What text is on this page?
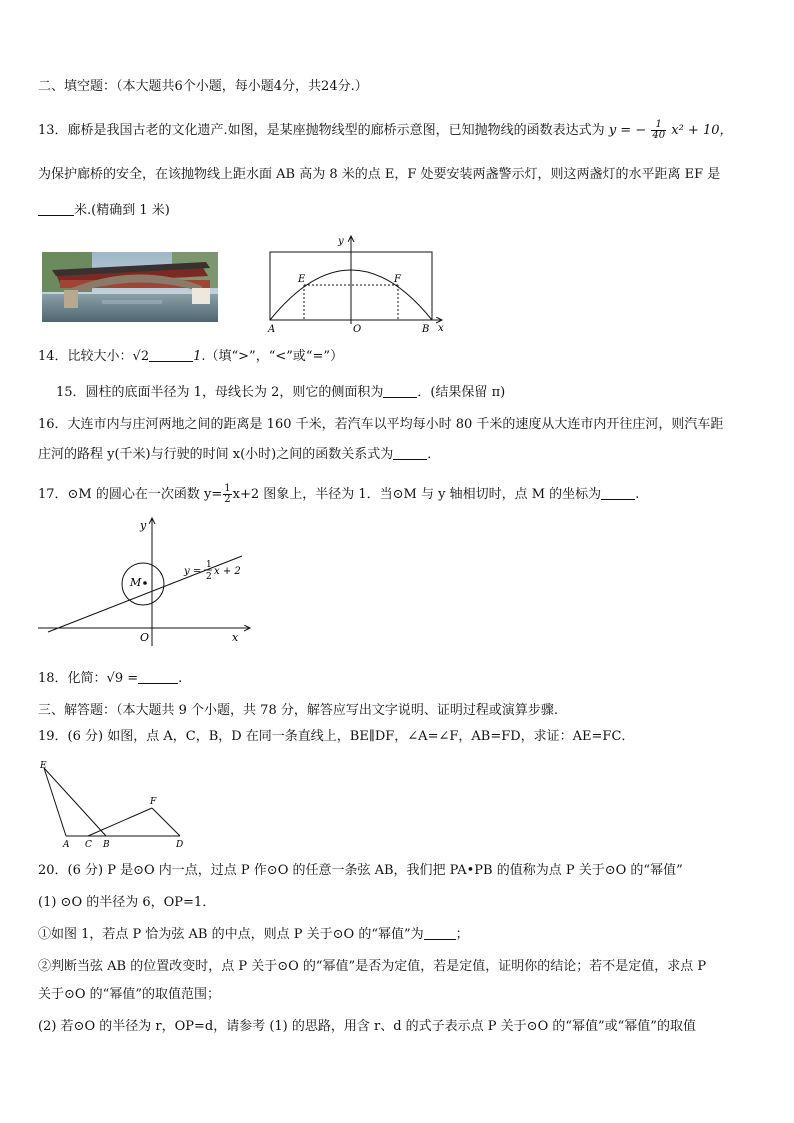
二、填空题：（本大题共6个小题，每小题4分，共24分.）
13．廊桥是我国古老的文化遗产.如图，是某座抛物线型的廊桥示意图，已知抛物线的函数表达式为 y = − $\frac{1}{40} x^2 + 10$，
为保护廊桥的安全，在该抛物线上距水面 AB 高为 8 米的点 E，F 处要安装两盏警示灯，则这两盏灯的水平距离 EF 是
米.(精确到 1 米)
y
x
A	O	B
E	F
14．比较大小：√2	1.（填“>”，“<”或“=”）
15．圆柱的底面半径为 1，母线长为 2，则它的侧面积为	．(结果保留 π)
16．大连市内与庄河两地之间的距离是 160 千米，若汽车以平均每小时 80 千米的速度从大连市内开往庄河，则汽车距
庄河的路程 y(千米)与行驶的时间 x(小时)之间的函数关系式为	．
17．⊙M 的圆心在一次函数 $y= \frac{1}{2} x+2$ 图象上，半径为 1．当⊙M 与 y 轴相切时，点 M 的坐标为	.
M
y
x
O
y =
1
2 x + 2
18．化简：√9 =	.
三、解答题：（本大题共 9 个小题，共 78 分，解答应写出文字说明、证明过程或演算步骤.
19．(6 分) 如图，点 A，C，B，D 在同一条直线上，BE∥DF，∠A=∠F，AB=FD，求证：AE=FC．
E
F
A C B	D
20．(6 分) P 是⊙O 内一点，过点 P 作⊙O 的任意一条弦 AB，我们把 PA•PB 的值称为点 P 关于⊙O 的“幂值”
(1) ⊙O 的半径为 6，OP=1．
①如图 1，若点 P 恰为弦 AB 的中点，则点 P 关于⊙O 的“幂值”为 ；
②判断当弦 AB 的位置改变时，点 P 关于⊙O 的“幂值”是否为定值，若是定值，证明你的结论；若不是定值，求点 P
关于⊙O 的“幂值”的取值范围；
(2) 若⊙O 的半径为 r，OP=d，请参考 (1) 的思路，用含 r、d 的式子表示点 P 关于⊙O 的“幂值”或“幂值”的取值
